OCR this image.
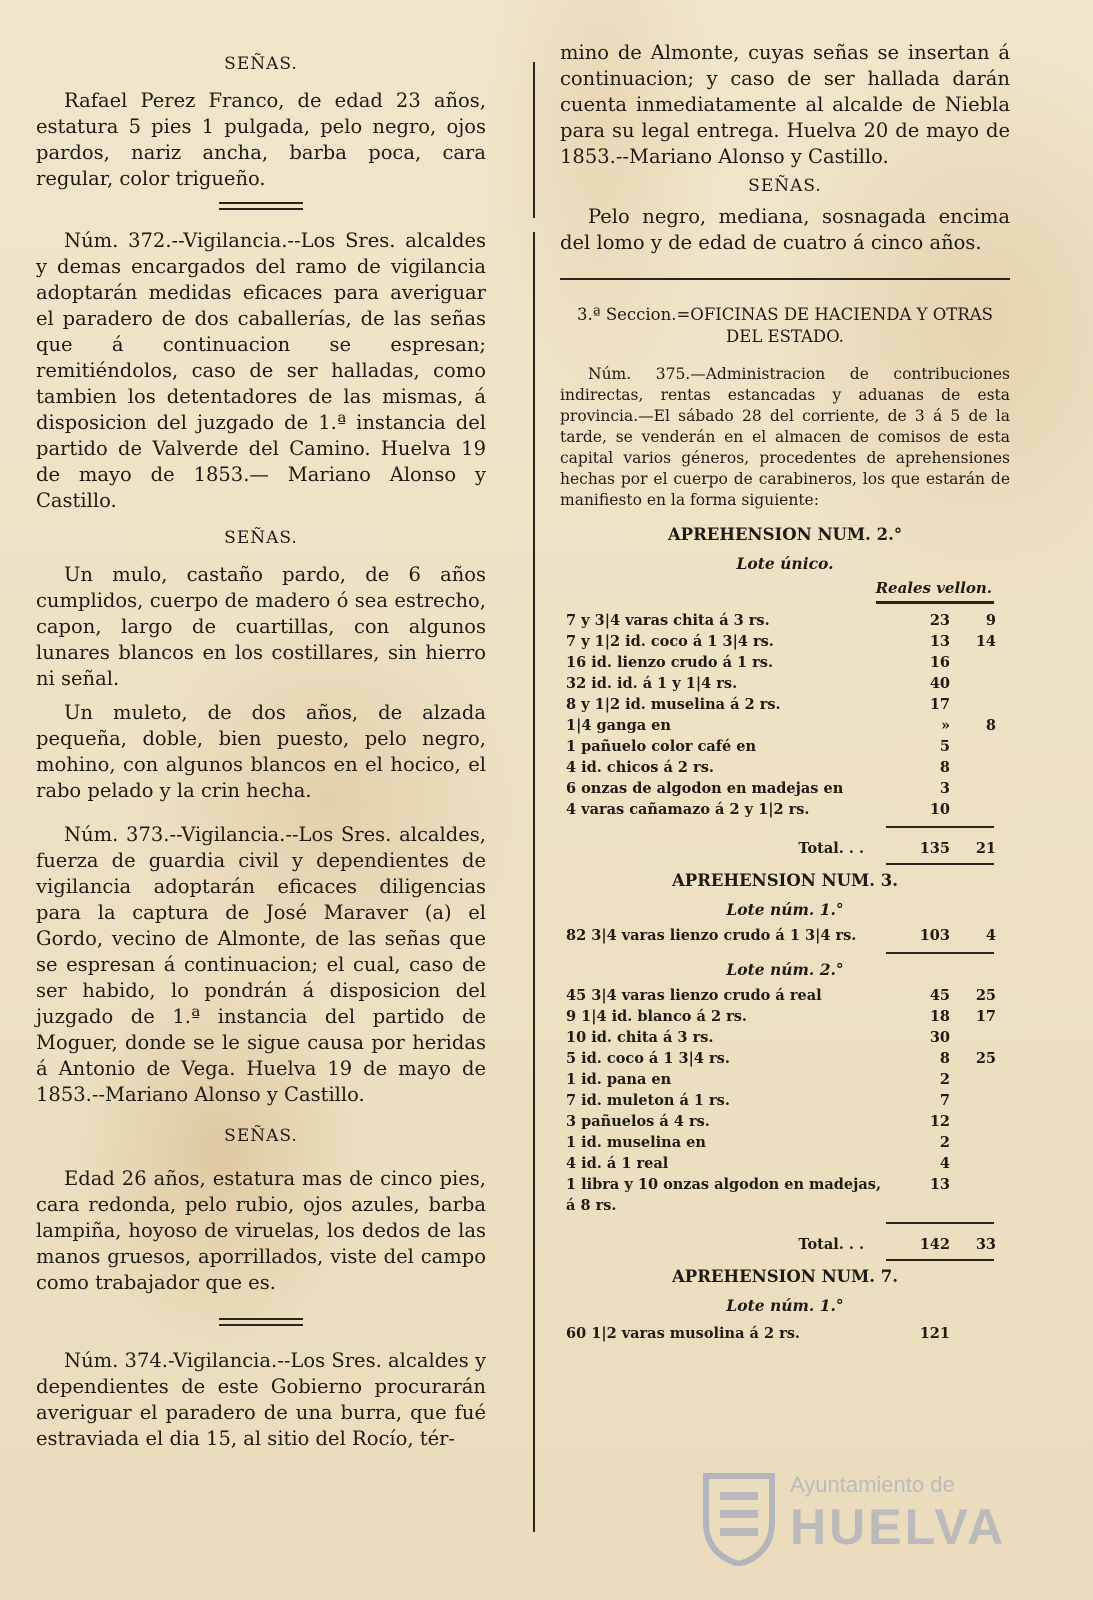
SEÑAS.

Rafael Perez Franco, de edad 23 años, estatura 5 pies 1 pulgada, pelo negro, ojos pardos, nariz ancha, barba poca, cara regular, color trigueño.

Núm. 372.--Vigilancia.--Los Sres. alcaldes y demas encargados del ramo de vigilancia adoptarán medidas eficaces para averiguar el paradero de dos caballerías, de las señas que á continuacion se espresan; remitiéndolos, caso de ser halladas, como tambien los detentadores de las mismas, á disposicion del juzgado de 1.ª instancia del partido de Valverde del Camino. Huelva 19 de mayo de 1853.— Mariano Alonso y Castillo.

SEÑAS.

Un mulo, castaño pardo, de 6 años cumplidos, cuerpo de madero ó sea estrecho, capon, largo de cuartillas, con algunos lunares blancos en los costillares, sin hierro ni señal.

Un muleto, de dos años, de alzada pequeña, doble, bien puesto, pelo negro, mohino, con algunos blancos en el hocico, el rabo pelado y la crin hecha.

Núm. 373.--Vigilancia.--Los Sres. alcaldes, fuerza de guardia civil y dependientes de vigilancia adoptarán eficaces diligencias para la captura de José Maraver (a) el Gordo, vecino de Almonte, de las señas que se espresan á continuacion; el cual, caso de ser habido, lo pondrán á disposicion del juzgado de 1.ª instancia del partido de Moguer, donde se le sigue causa por heridas á Antonio de Vega. Huelva 19 de mayo de 1853.--Mariano Alonso y Castillo.

SEÑAS.

Edad 26 años, estatura mas de cinco pies, cara redonda, pelo rubio, ojos azules, barba lampiña, hoyoso de viruelas, los dedos de las manos gruesos, aporrillados, viste del campo como trabajador que es.

Núm. 374.-Vigilancia.--Los Sres. alcaldes y dependientes de este Gobierno procurarán averiguar el paradero de una burra, que fué estraviada el dia 15, al sitio del Rocío, tér-

mino de Almonte, cuyas señas se insertan á continuacion; y caso de ser hallada darán cuenta inmediatamente al alcalde de Niebla para su legal entrega. Huelva 20 de mayo de 1853.--Mariano Alonso y Castillo.

SEÑAS.

Pelo negro, mediana, sosnagada encima del lomo y de edad de cuatro á cinco años.

3.ª Seccion.=OFICINAS DE HACIENDA Y OTRAS DEL ESTADO.

Núm. 375.—Administracion de contribuciones indirectas, rentas estancadas y aduanas de esta provincia.—El sábado 28 del corriente, de 3 á 5 de la tarde, se venderán en el almacen de comisos de esta capital varios géneros, procedentes de aprehensiones hechas por el cuerpo de carabineros, los que estarán de manifiesto en la forma siguiente:

APREHENSION NUM. 2.°
Lote único.
Reales vellon.
7 y 3|4 varas chita á 3 rs.	23	9
7 y 1|2 id. coco á 1 3|4 rs.	13	14
16 id. lienzo crudo á 1 rs.	16	
32 id. id. á 1 y 1|4 rs.	40	
8 y 1|2 id. muselina á 2 rs.	17	
1|4 ganga en	»	8
1 pañuelo color café en	5	
4 id. chicos á 2 rs.	8	
6 onzas de algodon en madejas en	3	
4 varas cañamazo á 2 y 1|2 rs.	10	
Total. . .	135	21
APREHENSION NUM. 3.
Lote núm. 1.°
82 3|4 varas lienzo crudo á 1 3|4 rs.	103	4
Lote núm. 2.°
45 3|4 varas lienzo crudo á real	45	25
9 1|4 id. blanco á 2 rs.	18	17
10 id. chita á 3 rs.	30	
5 id. coco á 1 3|4 rs.	8	25
1 id. pana en	2	
7 id. muleton á 1 rs.	7	
3 pañuelos á 4 rs.	12	
1 id. muselina en	2	
4 id. á 1 real	4	
1 libra y 10 onzas algodon en madejas, á 8 rs.	13	
Total. . .	142	33
APREHENSION NUM. 7.
Lote núm. 1.°
60 1|2 varas musolina á 2 rs.	121	
Ayuntamiento de
HUELVA
